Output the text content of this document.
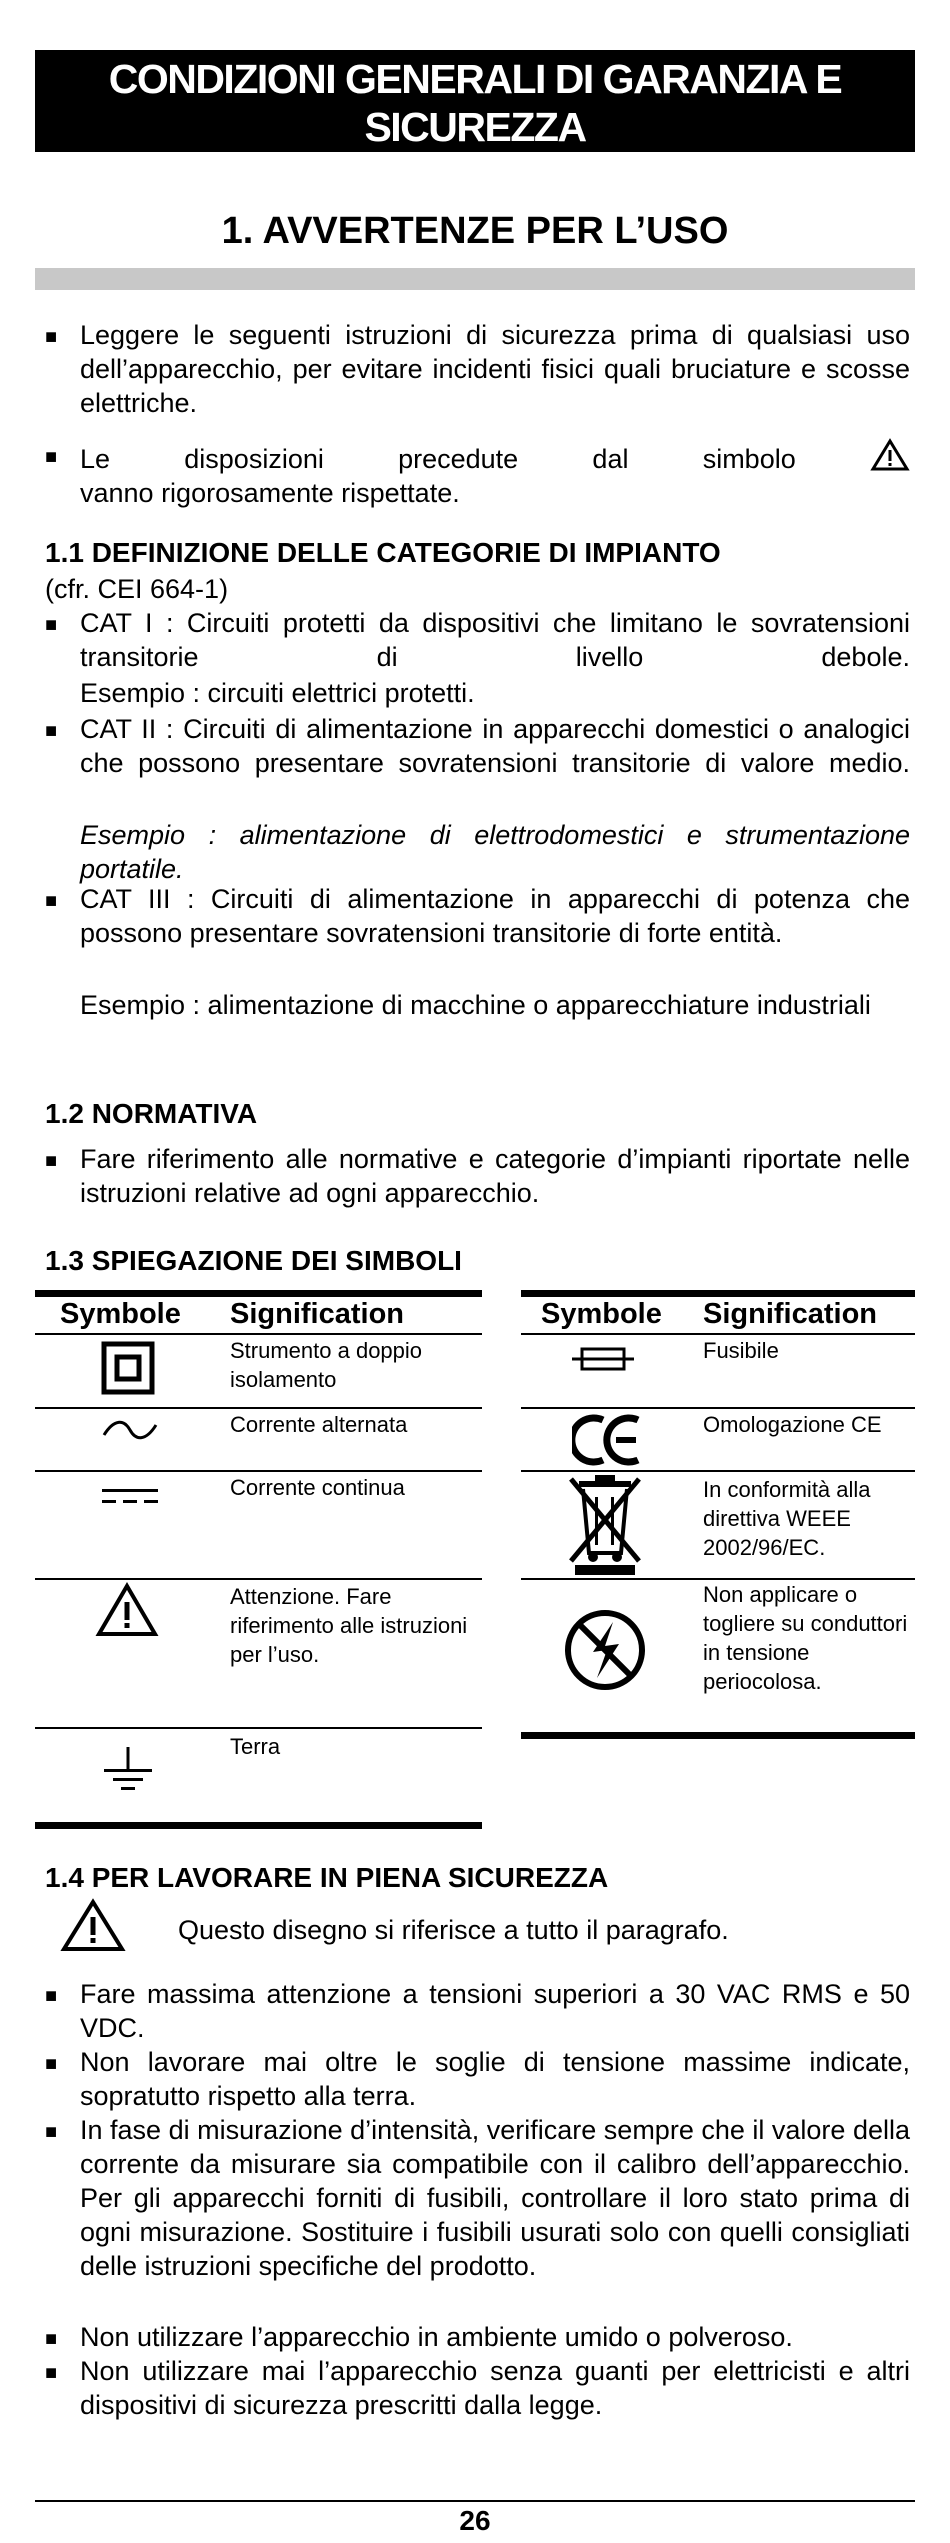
CONDIZIONI GENERALI DI GARANZIA E SICUREZZA
1. AVVERTENZE PER L’USO
■ Leggere le seguenti istruzioni di sicurezza prima di qualsiasi uso dell’apparecchio, per evitare incidenti fisici quali bruciature e scosse elettriche.
■ Le disposizioni precedute dal simbolo
vanno rigorosamente rispettate.
1.1 DEFINIZIONE DELLE CATEGORIE DI IMPIANTO
(cfr. CEI 664-1)
■ CAT I : Circuiti protetti da dispositivi che limitano le sovratensioni transitorie di livello debole.
Esempio : circuiti elettrici protetti.
■ CAT II : Circuiti di alimentazione in apparecchi domestici o analogici che possono presentare sovratensioni transitorie di valore medio.
Esempio : alimentazione di elettrodomestici e strumentazione portatile.
■ CAT III : Circuiti di alimentazione in apparecchi di potenza che possono presentare sovratensioni transitorie di forte entità.
Esempio : alimentazione di macchine o apparecchiature industriali
1.2 NORMATIVA
■ Fare riferimento alle normative e categorie d’impianti riportate nelle istruzioni relative ad ogni apparecchio.
1.3 SPIEGAZIONE DEI SIMBOLI
Symbole Signification
Strumento a doppio isolamento
Corrente alternata
Corrente continua
Attenzione. Fare riferimento alle istruzioni per l’uso.
Terra
Symbole Signification
Fusibile
Omologazione CE
In conformità alla direttiva WEEE 2002/96/EC.
Non applicare o togliere su conduttori in tensione periocolosa.
1.4 PER LAVORARE IN PIENA SICUREZZA
Questo disegno si riferisce a tutto il paragrafo.
■ Fare massima attenzione a tensioni superiori a 30 VAC RMS e 50 VDC.
■ Non lavorare mai oltre le soglie di tensione massime indicate, sopratutto rispetto alla terra.
■ In fase di misurazione d’intensità, verificare sempre che il valore della corrente da misurare sia compatibile con il calibro dell’apparecchio. Per gli apparecchi forniti di fusibili, controllare il loro stato prima di ogni misurazione. Sostituire i fusibili usurati solo con quelli consigliati delle istruzioni specifiche del prodotto.
■ Non utilizzare l’apparecchio in ambiente umido o polveroso.
■ Non utilizzare mai l’apparecchio senza guanti per elettricisti e altri dispositivi di sicurezza prescritti dalla legge.
26
